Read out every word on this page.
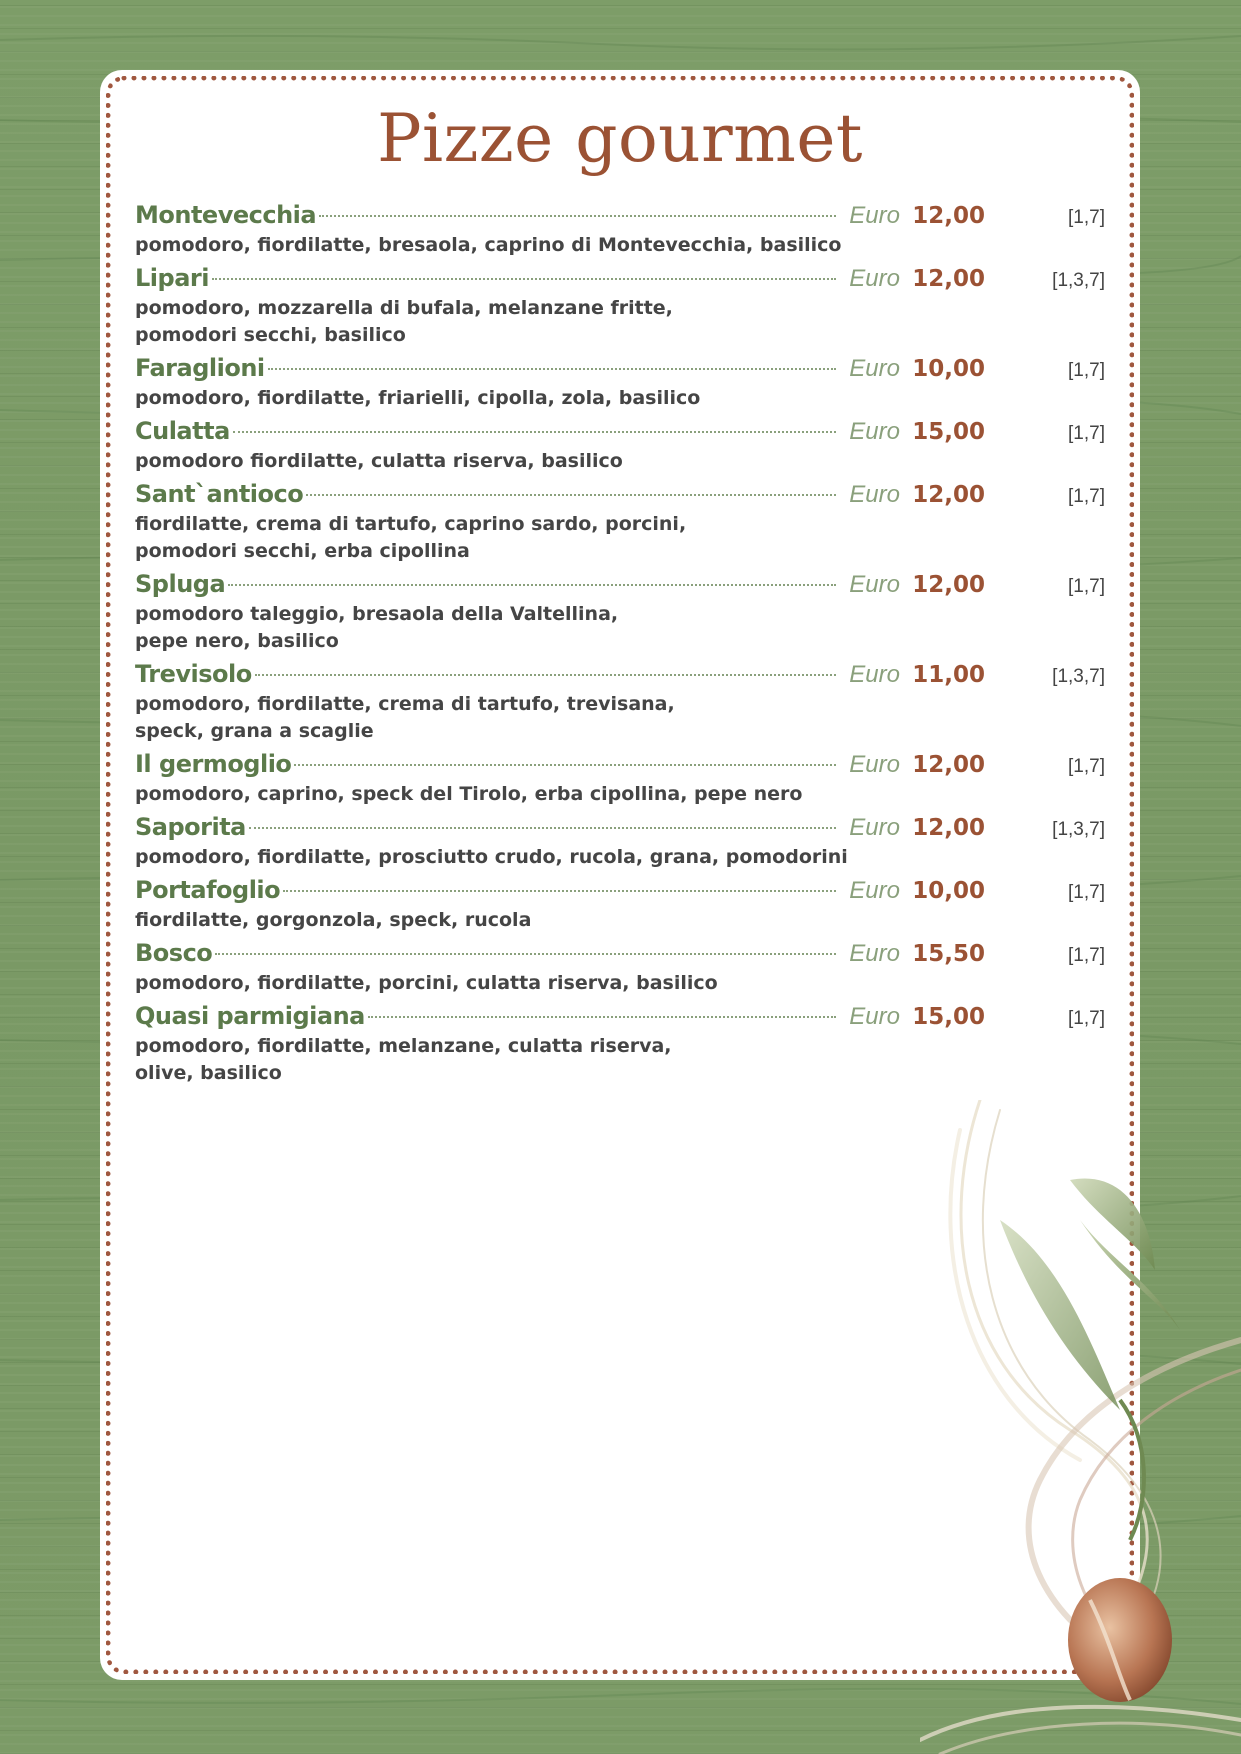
Pizze gourmet
Montevecchia	Euro 12,00	[1,7]
pomodoro, fiordilatte, bresaola, caprino di Montevecchia, basilico
Lipari	Euro 12,00	[1,3,7]
pomodoro, mozzarella di bufala, melanzane fritte,
pomodori secchi, basilico
Faraglioni	Euro 10,00	[1,7]
pomodoro, fiordilatte, friarielli, cipolla, zola, basilico
Culatta	Euro 15,00	[1,7]
pomodoro fiordilatte, culatta riserva, basilico
Sant`antioco	Euro 12,00	[1,7]
fiordilatte, crema di tartufo, caprino sardo, porcini,
pomodori secchi, erba cipollina
Spluga	Euro 12,00	[1,7]
pomodoro taleggio, bresaola della Valtellina,
pepe nero, basilico
Trevisolo	Euro 11,00	[1,3,7]
pomodoro, fiordilatte, crema di tartufo, trevisana,
speck, grana a scaglie
Il germoglio	Euro 12,00	[1,7]
pomodoro, caprino, speck del Tirolo, erba cipollina, pepe nero
Saporita	Euro 12,00	[1,3,7]
pomodoro, fiordilatte, prosciutto crudo, rucola, grana, pomodorini
Portafoglio	Euro 10,00	[1,7]
fiordilatte, gorgonzola, speck, rucola
Bosco	Euro 15,50	[1,7]
pomodoro, fiordilatte, porcini, culatta riserva, basilico
Quasi parmigiana	Euro 15,00	[1,7]
pomodoro, fiordilatte, melanzane, culatta riserva,
olive, basilico
